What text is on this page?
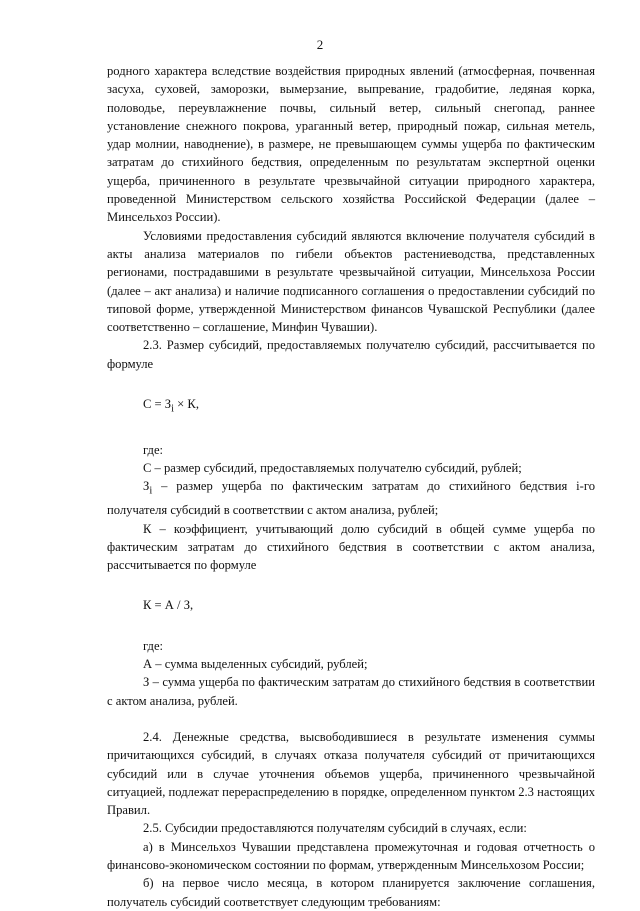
2

родного характера вследствие воздействия природных явлений (атмосферная, почвенная засуха, суховей, заморозки, вымерзание, выпревание, градобитие, ледяная корка, половодье, переувлажнение почвы, сильный ветер, сильный снегопад, раннее установление снежного покрова, ураганный ветер, природный пожар, сильная метель, удар молнии, наводнение), в размере, не превышающем суммы ущерба по фактическим затратам до стихийного бедствия, определенным по результатам экспертной оценки ущерба, причиненного в результате чрезвычайной ситуации природного характера, проведенной Министерством сельского хозяйства Российской Федерации (далее – Минсельхоз России).

Условиями предоставления субсидий являются включение получателя субсидий в акты анализа материалов по гибели объектов растениеводства, представленных регионами, пострадавшими в результате чрезвычайной ситуации, Минсельхоза России (далее – акт анализа) и наличие подписанного соглашения о предоставлении субсидий по типовой форме, утвержденной Министерством финансов Чувашской Республики (далее соответственно – соглашение, Минфин Чувашии).

2.3. Размер субсидий, предоставляемых получателю субсидий, рассчитывается по формуле

$С = З_i \times К$,

где:

С – размер субсидий, предоставляемых получателю субсидий, рублей;

$З_i$ – размер ущерба по фактическим затратам до стихийного бедствия i-го получателя субсидий в соответствии с актом анализа, рублей;

К – коэффициент, учитывающий долю субсидий в общей сумме ущерба по фактическим затратам до стихийного бедствия в соответствии с актом анализа, рассчитывается по формуле

К = А / З,

где:

А – сумма выделенных субсидий, рублей;

З – сумма ущерба по фактическим затратам до стихийного бедствия в соответствии с актом анализа, рублей.

2.4. Денежные средства, высвободившиеся в результате изменения суммы причитающихся субсидий, в случаях отказа получателя субсидий от причитающихся субсидий или в случае уточнения объемов ущерба, причиненного чрезвычайной ситуацией, подлежат перераспределению в порядке, определенном пунктом 2.3 настоящих Правил.

2.5. Субсидии предоставляются получателям субсидий в случаях, если:

а) в Минсельхоз Чувашии представлена промежуточная и годовая отчетность о финансово-экономическом состоянии по формам, утвержденным Минсельхозом России;

б) на первое число месяца, в котором планируется заключение соглашения, получатель субсидий соответствует следующим требованиям:
